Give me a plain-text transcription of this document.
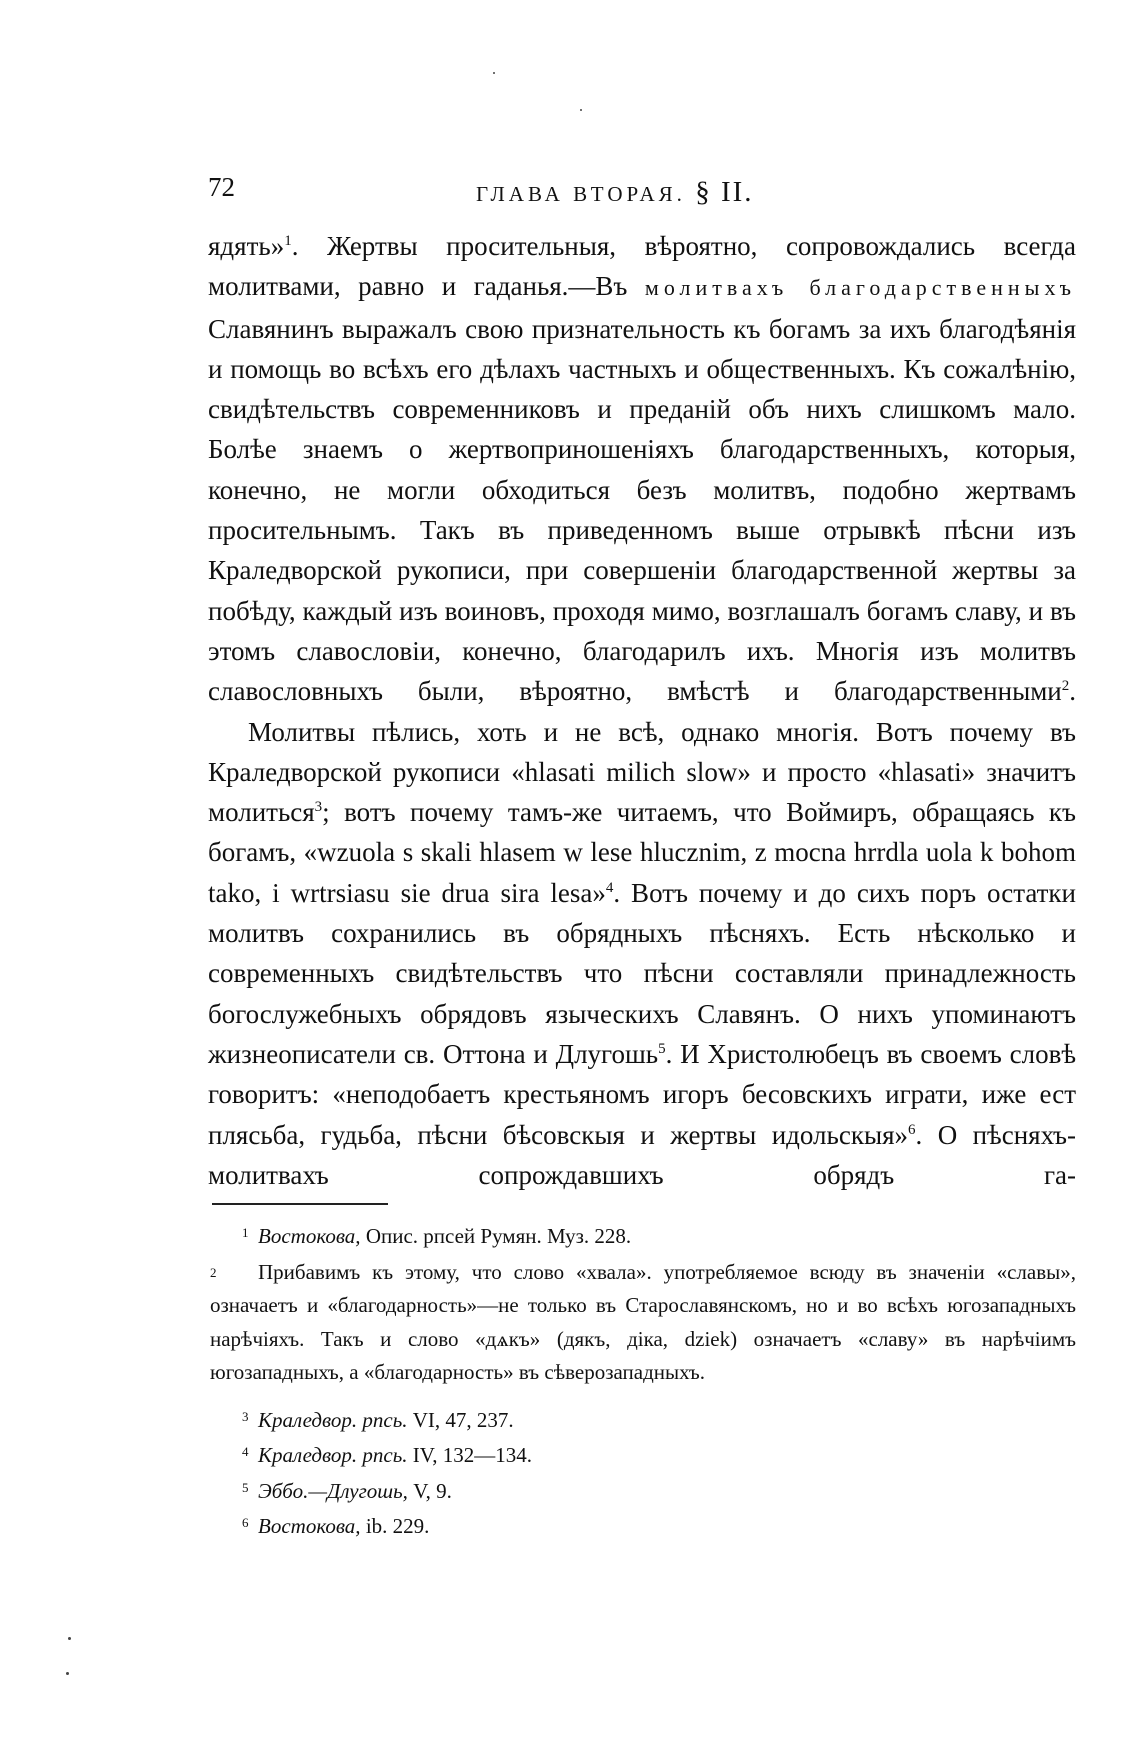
72	ГЛАВА ВТОРАЯ. § II.

ядять»$^1$. Жертвы просительныя, вѣроятно, сопровождались всегда молитвами, равно и гаданья.—Въ молитвахъ благодарственныхъ Славянинъ выражалъ свою признательность къ богамъ за ихъ благодѣянія и помощь во всѣхъ его дѣлахъ частныхъ и общественныхъ. Къ сожалѣнію, свидѣтельствъ современниковъ и преданій объ нихъ слишкомъ мало. Болѣе знаемъ о жертвоприношеніяхъ благодарственныхъ, которыя, конечно, не могли обходиться безъ молитвъ, подобно жертвамъ просительнымъ. Такъ въ приведенномъ выше отрывкѣ пѣсни изъ Краледворской рукописи, при совершеніи благодарственной жертвы за побѣду, каждый изъ воиновъ, проходя мимо, возглашалъ богамъ славу, и въ этомъ славословіи, конечно, благодарилъ ихъ. Многія изъ молитвъ славословныхъ были, вѣроятно, вмѣстѣ и благодарственными$^2$.

Молитвы пѣлись, хоть и не всѣ, однако многія. Вотъ почему въ Краледворской рукописи «hlasati milich slow» и просто «hlasati» значитъ молиться$^3$; вотъ почему тамъ-же читаемъ, что Воймиръ, обращаясь къ богамъ, «wzuola s skali hlasem w lese hlucznim, z mocna hrrdla uola k bohom tako, i wrtrsiasu sie drua sira lesa»$^4$. Вотъ почему и до сихъ поръ остатки молитвъ сохранились въ обрядныхъ пѣсняхъ. Есть нѣсколько и современныхъ свидѣтельствъ что пѣсни составляли принадлежность богослужебныхъ обрядовъ языческихъ Славянъ. О нихъ упоминаютъ жизнеописатели св. Оттона и Длугошь$^5$. И Христолюбецъ въ своемъ словѣ говоритъ: «неподобаетъ крестьяномъ игоръ бесовскихъ играти, иже ест плясьба, гудьба, пѣсни бѣсовскыя и жертвы идольскыя»$^6$. О пѣсняхъ-молитвахъ сопрождавшихъ обрядъ га-

1 Востокова, Опис. рпсей Румян. Муз. 228.
2 Прибавимъ къ этому, что слово «хвала». употребляемое всюду въ значеніи «славы», означаетъ и «благодарность»—не только въ Старославянскомъ, но и во всѣхъ югозападныхъ нарѣчіяхъ. Такъ и слово «дѧкъ» (дякъ, дiка, dziek) означаетъ «славу» въ нарѣчіимъ югозападныхъ, а «благодарность» въ сѣверозападныхъ.
3 Краледвор. рпсь. VI, 47, 237.
4 Краледвор. рпсь. IV, 132—134.
5 Эббо.—Длугошь, V, 9.
6 Востокова, ib. 229.
